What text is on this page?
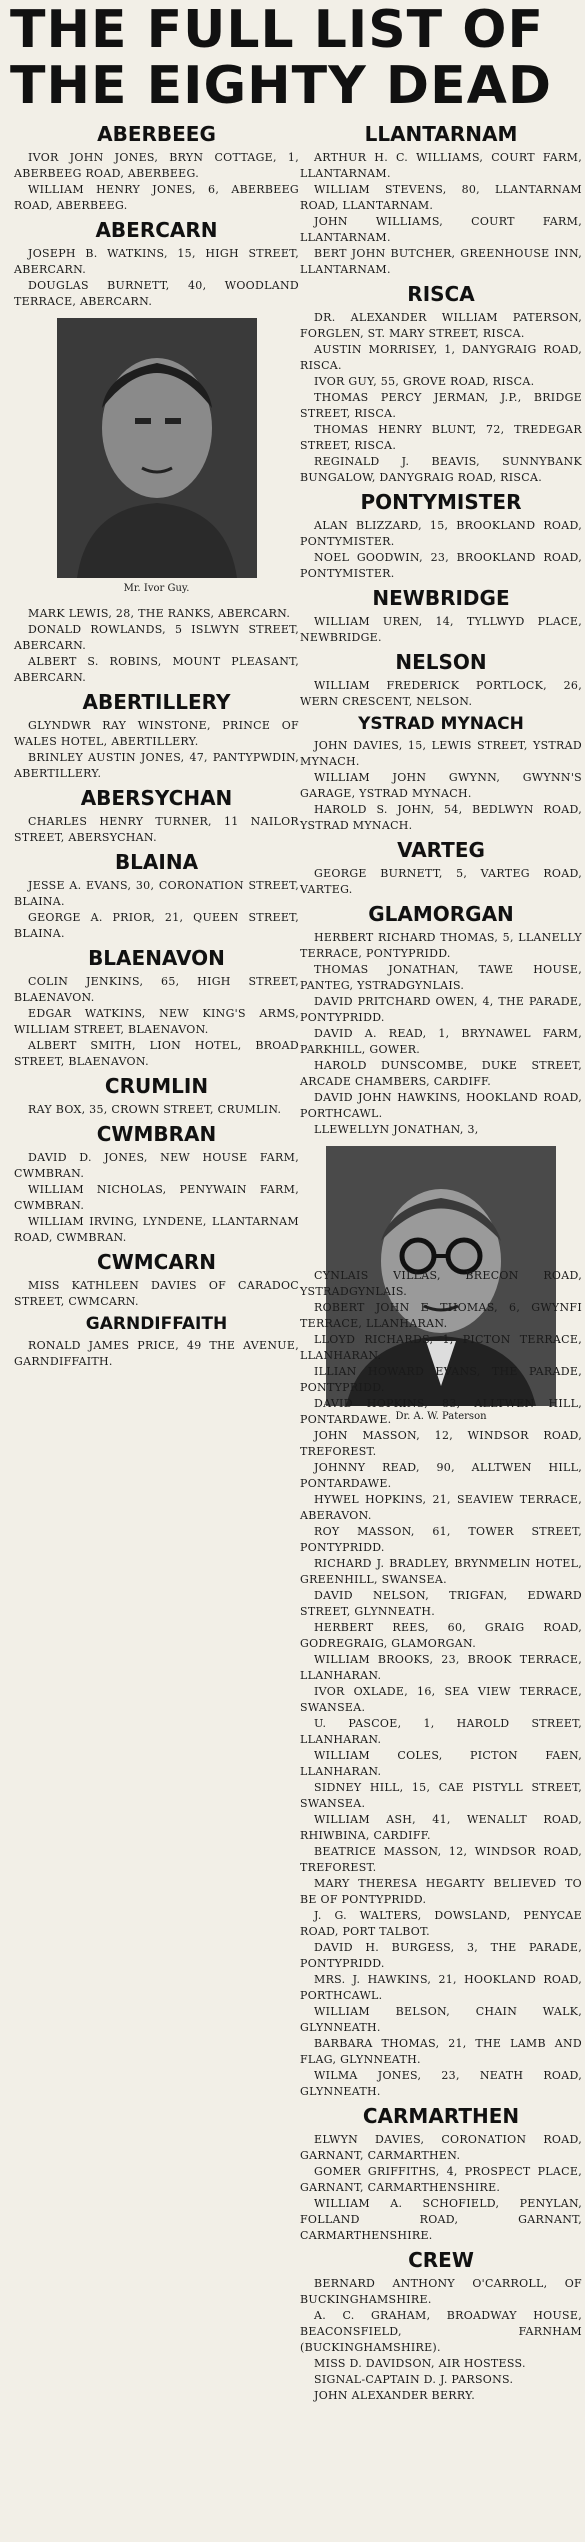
THE FULL LIST OF
THE EIGHTY DEAD
ABERBEEG
IVOR JOHN JONES, BRYN COTTAGE, 1, ABERBEEG ROAD, ABERBEEG.
WILLIAM HENRY JONES, 6, ABERBEEG ROAD, ABERBEEG.
ABERCARN
JOSEPH B. WATKINS, 15, HIGH STREET, ABERCARN.
DOUGLAS BURNETT, 40, WOODLAND TERRACE, ABERCARN.
Mr. Ivor Guy.
MARK LEWIS, 28, THE RANKS, ABERCARN.
DONALD ROWLANDS, 5 ISLWYN STREET, ABERCARN.
ALBERT S. ROBINS, MOUNT PLEASANT, ABERCARN.
ABERTILLERY
GLYNDWR RAY WINSTONE, PRINCE OF WALES HOTEL, ABERTILLERY.
BRINLEY AUSTIN JONES, 47, PANTYPWDIN, ABERTILLERY.
ABERSYCHAN
CHARLES HENRY TURNER, 11 NAILOR STREET, ABERSYCHAN.
BLAINA
JESSE A. EVANS, 30, CORONATION STREET, BLAINA.
GEORGE A. PRIOR, 21, QUEEN STREET, BLAINA.
BLAENAVON
COLIN JENKINS, 65, HIGH STREET, BLAENAVON.
EDGAR WATKINS, NEW KING'S ARMS, WILLIAM STREET, BLAENAVON.
ALBERT SMITH, LION HOTEL, BROAD STREET, BLAENAVON.
CRUMLIN
RAY BOX, 35, CROWN STREET, CRUMLIN.
CWMBRAN
DAVID D. JONES, NEW HOUSE FARM, CWMBRAN.
WILLIAM NICHOLAS, PENYWAIN FARM, CWMBRAN.
WILLIAM IRVING, LYNDENE, LLANTARNAM ROAD, CWMBRAN.
CWMCARN
MISS KATHLEEN DAVIES OF CARADOC STREET, CWMCARN.
GARNDIFFAITH
RONALD JAMES PRICE, 49 THE AVENUE, GARNDIFFAITH.
LLANTARNAM
ARTHUR H. C. WILLIAMS, COURT FARM, LLANTARNAM.
WILLIAM STEVENS, 80, LLANTARNAM ROAD, LLANTARNAM.
JOHN WILLIAMS, COURT FARM, LLANTARNAM.
BERT JOHN BUTCHER, GREENHOUSE INN, LLANTARNAM.
RISCA
DR. ALEXANDER WILLIAM PATERSON, FORGLEN, ST. MARY STREET, RISCA.
AUSTIN MORRISEY, 1, DANYGRAIG ROAD, RISCA.
IVOR GUY, 55, GROVE ROAD, RISCA.
THOMAS PERCY JERMAN, J.P., BRIDGE STREET, RISCA.
THOMAS HENRY BLUNT, 72, TREDEGAR STREET, RISCA.
REGINALD J. BEAVIS, SUNNYBANK BUNGALOW, DANYGRAIG ROAD, RISCA.
PONTYMISTER
ALAN BLIZZARD, 15, BROOKLAND ROAD, PONTYMISTER.
NOEL GOODWIN, 23, BROOKLAND ROAD, PONTYMISTER.
NEWBRIDGE
WILLIAM UREN, 14, TYLLWYD PLACE, NEWBRIDGE.
NELSON
WILLIAM FREDERICK PORTLOCK, 26, WERN CRESCENT, NELSON.
YSTRAD MYNACH
JOHN DAVIES, 15, LEWIS STREET, YSTRAD MYNACH.
WILLIAM JOHN GWYNN, GWYNN'S GARAGE, YSTRAD MYNACH.
HAROLD S. JOHN, 54, BEDLWYN ROAD, YSTRAD MYNACH.
VARTEG
GEORGE BURNETT, 5, VARTEG ROAD, VARTEG.
GLAMORGAN
HERBERT RICHARD THOMAS, 5, LLANELLY TERRACE, PONTYPRIDD.
THOMAS JONATHAN, TAWE HOUSE, PANTEG, YSTRADGYNLAIS.
DAVID PRITCHARD OWEN, 4, THE PARADE, PONTYPRIDD.
DAVID A. READ, 1, BRYNAWEL FARM, PARKHILL, GOWER.
HAROLD DUNSCOMBE, DUKE STREET, ARCADE CHAMBERS, CARDIFF.
DAVID JOHN HAWKINS, HOOKLAND ROAD, PORTHCAWL.
LLEWELLYN JONATHAN, 3,
Dr. A. W. Paterson
CYNLAIS VILLAS, BRECON ROAD, YSTRADGYNLAIS.
ROBERT JOHN E THOMAS, 6, GWYNFI TERRACE, LLANHARAN.
LLOYD RICHARDS, 1, PICTON TERRACE, LLANHARAN.
ILLIAN HOWARD EVANS, THE PARADE, PONTYPRIDD.
DAVID HOPKINS, 83, ALLTWEN HILL, PONTARDAWE.
JOHN MASSON, 12, WINDSOR ROAD, TREFOREST.
JOHNNY READ, 90, ALLTWEN HILL, PONTARDAWE.
HYWEL HOPKINS, 21, SEAVIEW TERRACE, ABERAVON.
ROY MASSON, 61, TOWER STREET, PONTYPRIDD.
RICHARD J. BRADLEY, BRYNMELIN HOTEL, GREENHILL, SWANSEA.
DAVID NELSON, TRIGFAN, EDWARD STREET, GLYNNEATH.
HERBERT REES, 60, GRAIG ROAD, GODREGRAIG, GLAMORGAN.
WILLIAM BROOKS, 23, BROOK TERRACE, LLANHARAN.
IVOR OXLADE, 16, SEA VIEW TERRACE, SWANSEA.
U. PASCOE, 1, HAROLD STREET, LLANHARAN.
WILLIAM COLES, PICTON FAEN, LLANHARAN.
SIDNEY HILL, 15, CAE PISTYLL STREET, SWANSEA.
WILLIAM ASH, 41, WENALLT ROAD, RHIWBINA, CARDIFF.
BEATRICE MASSON, 12, WINDSOR ROAD, TREFOREST.
MARY THERESA HEGARTY BELIEVED TO BE OF PONTYPRIDD.
J. G. WALTERS, DOWSLAND, PENYCAE ROAD, PORT TALBOT.
DAVID H. BURGESS, 3, THE PARADE, PONTYPRIDD.
MRS. J. HAWKINS, 21, HOOKLAND ROAD, PORTHCAWL.
WILLIAM BELSON, CHAIN WALK, GLYNNEATH.
BARBARA THOMAS, 21, THE LAMB AND FLAG, GLYNNEATH.
WILMA JONES, 23, NEATH ROAD, GLYNNEATH.
CARMARTHEN
ELWYN DAVIES, CORONATION ROAD, GARNANT, CARMARTHEN.
GOMER GRIFFITHS, 4, PROSPECT PLACE, GARNANT, CARMARTHENSHIRE.
WILLIAM A. SCHOFIELD, PENYLAN, FOLLAND ROAD, GARNANT, CARMARTHENSHIRE.
CREW
BERNARD ANTHONY O'CARROLL, OF BUCKINGHAMSHIRE.
A. C. GRAHAM, BROADWAY HOUSE, BEACONSFIELD, FARNHAM (BUCKINGHAMSHIRE).
MISS D. DAVIDSON, AIR HOSTESS.
SIGNAL-CAPTAIN D. J. PARSONS.
JOHN ALEXANDER BERRY.
